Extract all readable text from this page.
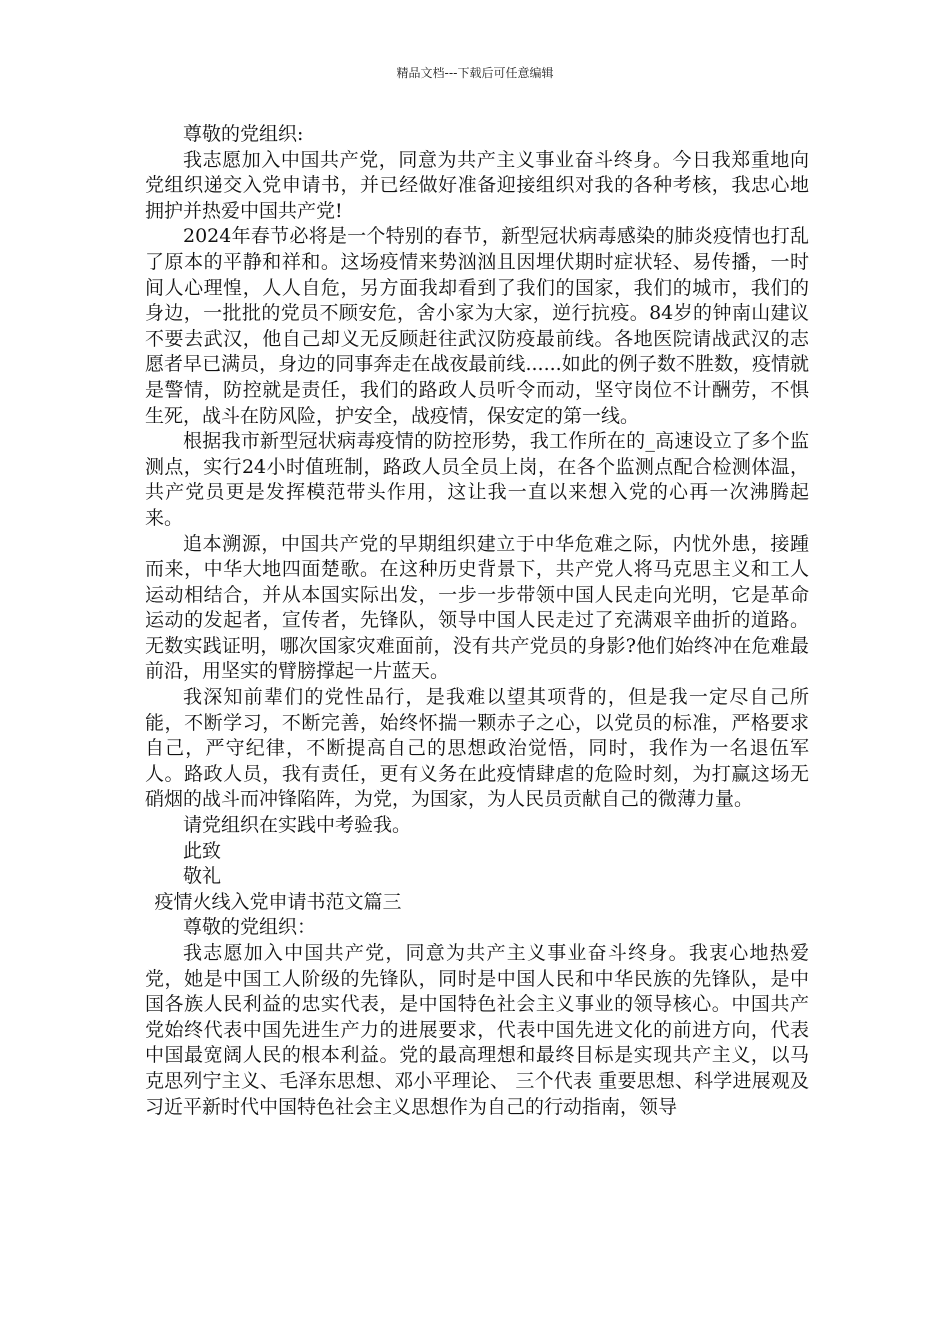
精品文档---下载后可任意编辑

尊敬的党组织:

我志愿加入中国共产党，同意为共产主义事业奋斗终身。今日我郑重地向党组织递交入党申请书，并已经做好准备迎接组织对我的各种考核，我忠心地拥护并热爱中国共产党!

2024年春节必将是一个特别的春节，新型冠状病毒感染的肺炎疫情也打乱了原本的平静和祥和。这场疫情来势汹汹且因埋伏期时症状轻、易传播，一时间人心理惶，人人自危，另方面我却看到了我们的国家，我们的城市，我们的身边，一批批的党员不顾安危，舍小家为大家，逆行抗疫。84岁的钟南山建议不要去武汉，他自己却义无反顾赶往武汉防疫最前线。各地医院请战武汉的志愿者早已满员，身边的同事奔走在战夜最前线......如此的例子数不胜数，疫情就是警情，防控就是责任，我们的路政人员听令而动，坚守岗位不计酬劳，不惧生死，战斗在防风险，护安全，战疫情，保安定的第一线。

根据我市新型冠状病毒疫情的防控形势，我工作所在的_高速设立了多个监测点，实行24小时值班制，路政人员全员上岗，在各个监测点配合检测体温，共产党员更是发挥模范带头作用，这让我一直以来想入党的心再一次沸腾起来。

追本溯源，中国共产党的早期组织建立于中华危难之际，内忧外患，接踵而来，中华大地四面楚歌。在这种历史背景下，共产党人将马克思主义和工人运动相结合，并从本国实际出发，一步一步带领中国人民走向光明，它是革命运动的发起者，宣传者，先锋队，领导中国人民走过了充满艰辛曲折的道路。无数实践证明，哪次国家灾难面前，没有共产党员的身影?他们始终冲在危难最前沿，用坚实的臂膀撑起一片蓝天。

我深知前辈们的党性品行，是我难以望其项背的，但是我一定尽自己所能，不断学习，不断完善，始终怀揣一颗赤子之心，以党员的标准，严格要求自己，严守纪律，不断提高自己的思想政治觉悟，同时，我作为一名退伍军人。路政人员，我有责任，更有义务在此疫情肆虐的危险时刻，为打赢这场无硝烟的战斗而冲锋陷阵，为党，为国家，为人民员贡献自己的微薄力量。

请党组织在实践中考验我。

此致

敬礼

疫情火线入党申请书范文篇三

尊敬的党组织：

我志愿加入中国共产党，同意为共产主义事业奋斗终身。我衷心地热爱党，她是中国工人阶级的先锋队，同时是中国人民和中华民族的先锋队，是中国各族人民利益的忠实代表，是中国特色社会主义事业的领导核心。中国共产党始终代表中国先进生产力的进展要求，代表中国先进文化的前进方向，代表中国最宽阔人民的根本利益。党的最高理想和最终目标是实现共产主义，以马克思列宁主义、毛泽东思想、邓小平理论、 三个代表 重要思想、科学进展观及习近平新时代中国特色社会主义思想作为自己的行动指南，领导
